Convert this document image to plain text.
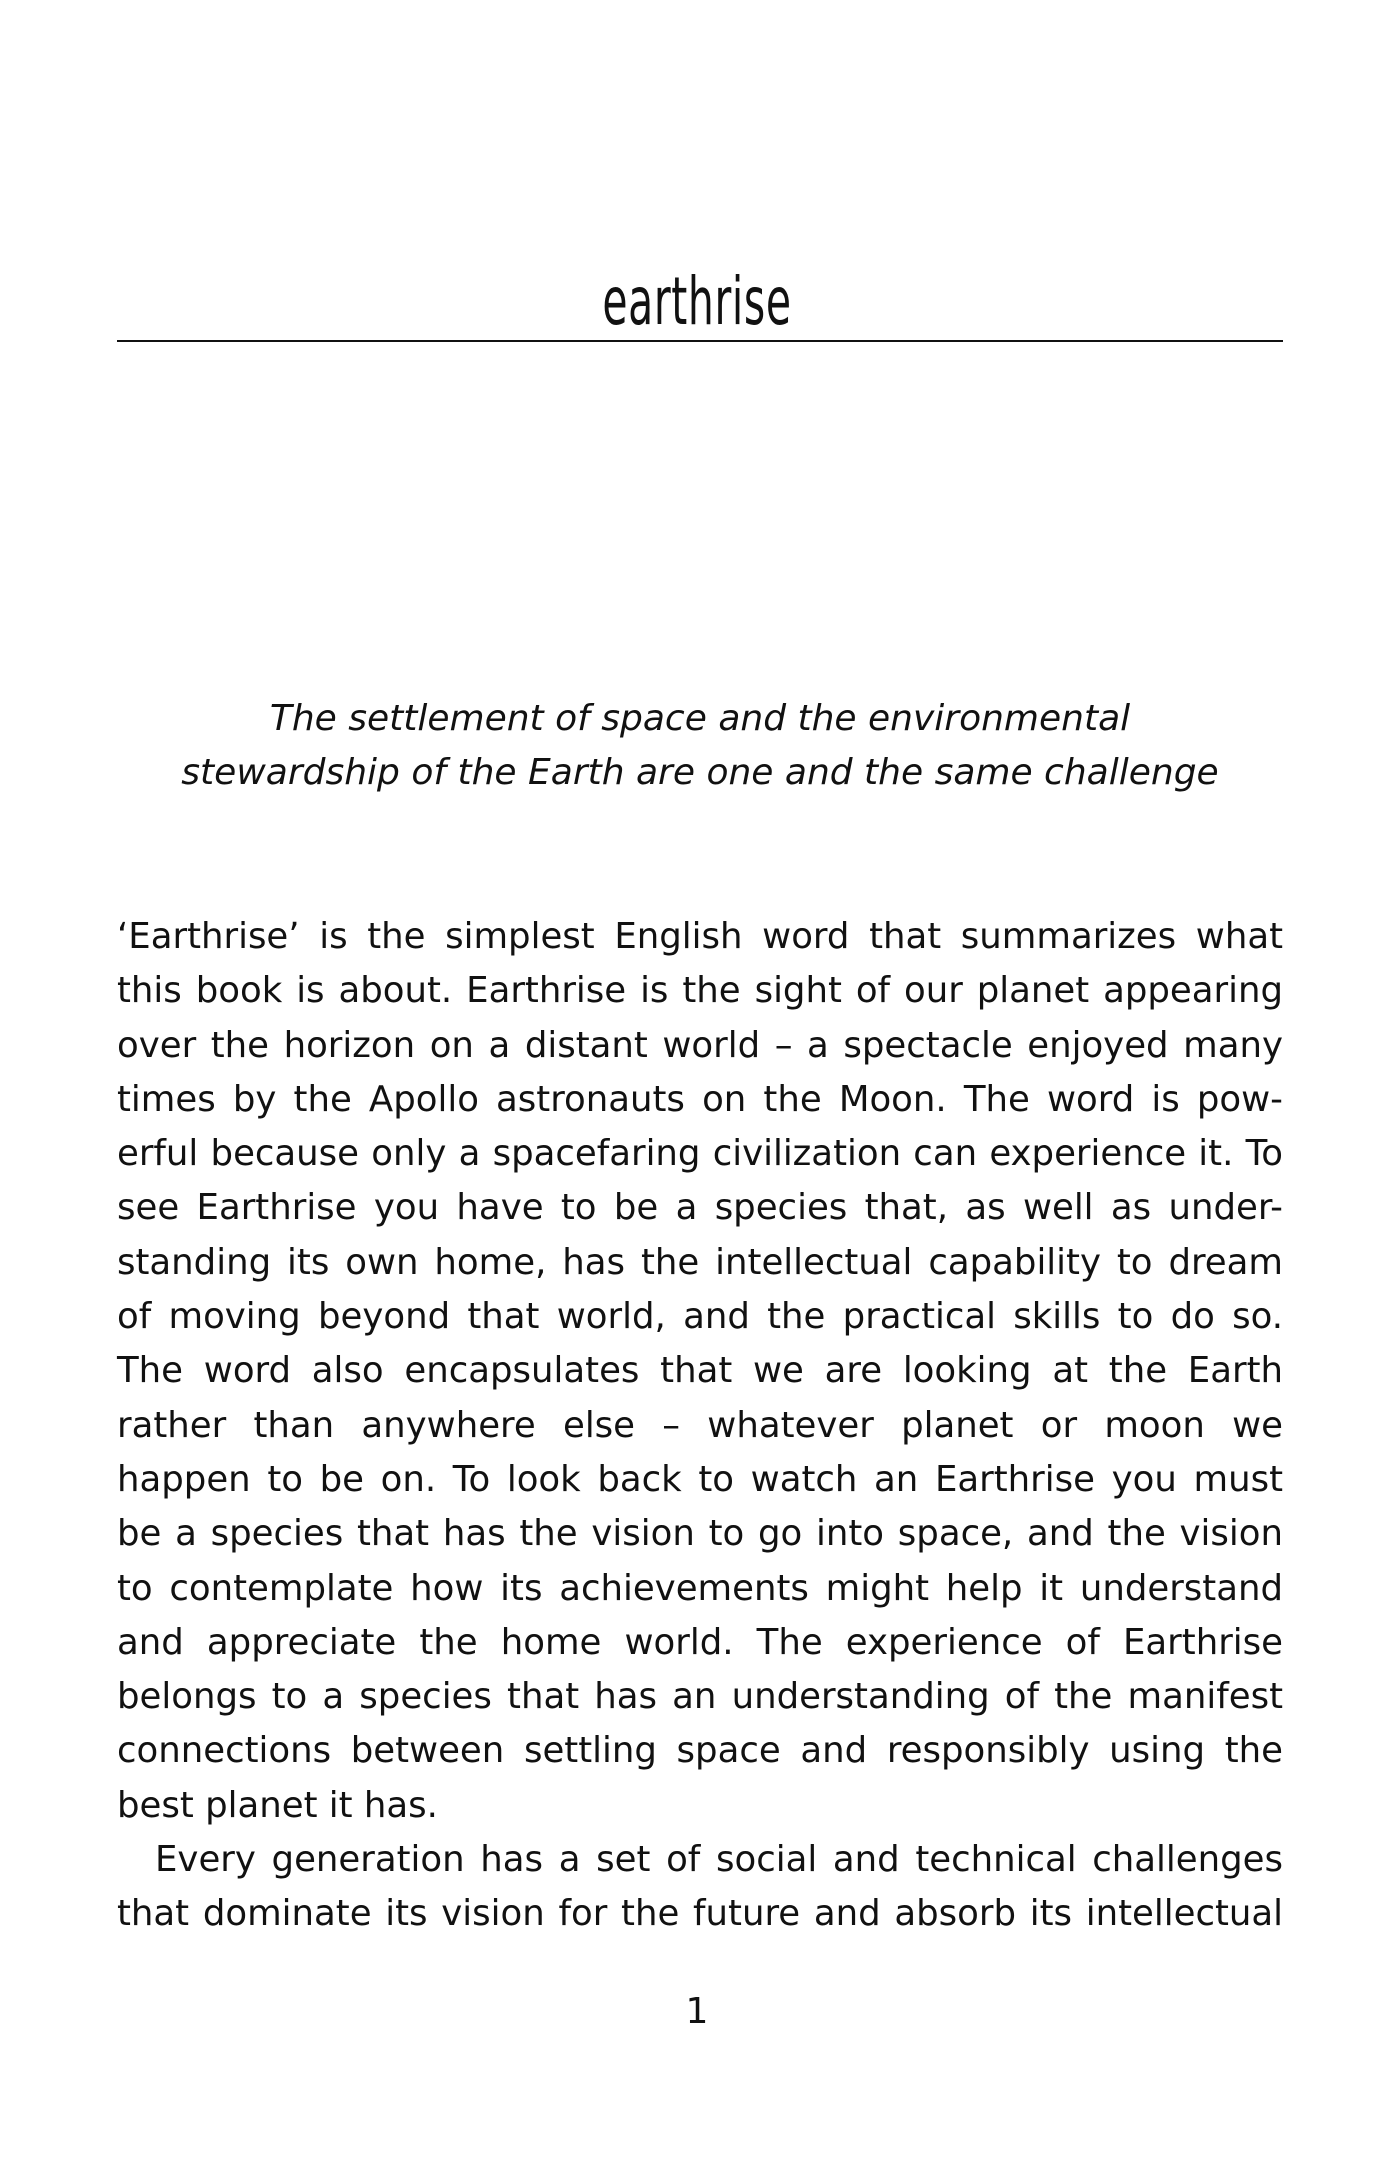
earthrise

The settlement of space and the environmental
stewardship of the Earth are one and the same challenge

‘Earthrise’ is the simplest English word that summarizes what
this book is about. Earthrise is the sight of our planet appearing
over the horizon on a distant world – a spectacle enjoyed many
times by the Apollo astronauts on the Moon. The word is pow-
erful because only a spacefaring civilization can experience it. To
see Earthrise you have to be a species that, as well as under-
standing its own home, has the intellectual capability to dream
of moving beyond that world, and the practical skills to do so.
The word also encapsulates that we are looking at the Earth
rather than anywhere else – whatever planet or moon we
happen to be on. To look back to watch an Earthrise you must
be a species that has the vision to go into space, and the vision
to contemplate how its achievements might help it understand
and appreciate the home world. The experience of Earthrise
belongs to a species that has an understanding of the manifest
connections between settling space and responsibly using the
best planet it has.
Every generation has a set of social and technical challenges
that dominate its vision for the future and absorb its intellectual

1
